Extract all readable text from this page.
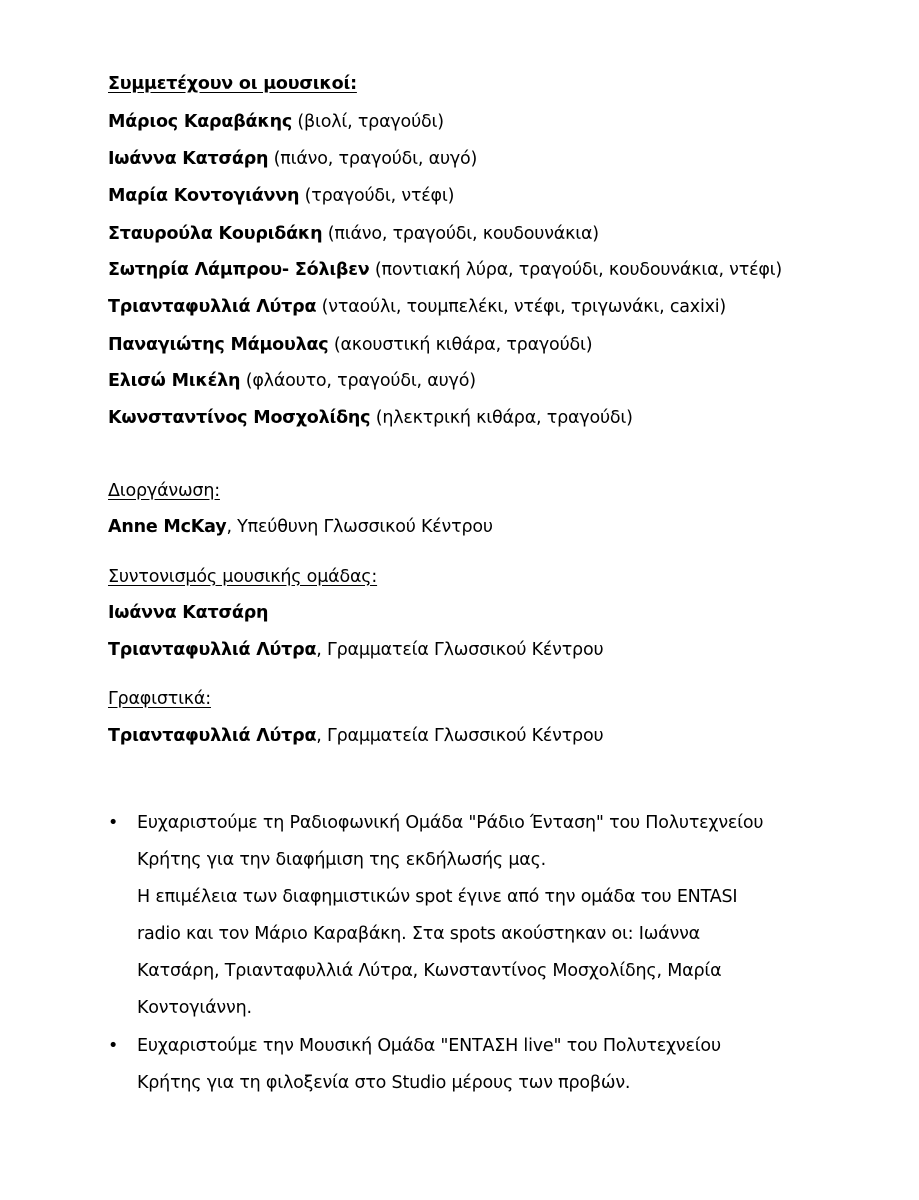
Συμμετέχουν οι μουσικοί:
Μάριος Καραβάκης (βιολί, τραγούδι)
Ιωάννα Κατσάρη (πιάνο, τραγούδι, αυγό)
Μαρία Κοντογιάννη (τραγούδι, ντέφι)
Σταυρούλα Κουριδάκη (πιάνο, τραγούδι, κουδουνάκια)
Σωτηρία Λάμπρου- Σόλιβεν (ποντιακή λύρα, τραγούδι, κουδουνάκια, ντέφι)
Τριανταφυλλιά Λύτρα (νταούλι, τουμπελέκι, ντέφι, τριγωνάκι, caxixi)
Παναγιώτης Μάμουλας (ακουστική κιθάρα, τραγούδι)
Ελισώ Μικέλη (φλάουτο, τραγούδι, αυγό)
Κωνσταντίνος Μοσχολίδης (ηλεκτρική κιθάρα, τραγούδι)
Διοργάνωση:
Anne McKay, Υπεύθυνη Γλωσσικού Κέντρου
Συντονισμός μουσικής ομάδας:
Ιωάννα Κατσάρη
Τριανταφυλλιά Λύτρα, Γραμματεία Γλωσσικού Κέντρου
Γραφιστικά:
Τριανταφυλλιά Λύτρα, Γραμματεία Γλωσσικού Κέντρου
• Ευχαριστούμε τη Ραδιοφωνική Ομάδα "Ράδιο Ένταση" του Πολυτεχνείου
Κρήτης για την διαφήμιση της εκδήλωσής μας.
Η επιμέλεια των διαφημιστικών spot έγινε από την ομάδα του ENTASI
radio και τον Μάριο Καραβάκη. Στα spots ακούστηκαν οι: Ιωάννα
Κατσάρη, Τριανταφυλλιά Λύτρα, Κωνσταντίνος Μοσχολίδης, Μαρία
Κοντογιάννη.
• Ευχαριστούμε την Μουσική Ομάδα "ΕΝΤΑΣΗ live" του Πολυτεχνείου
Κρήτης για τη φιλοξενία στο Studio μέρους των προβών.
